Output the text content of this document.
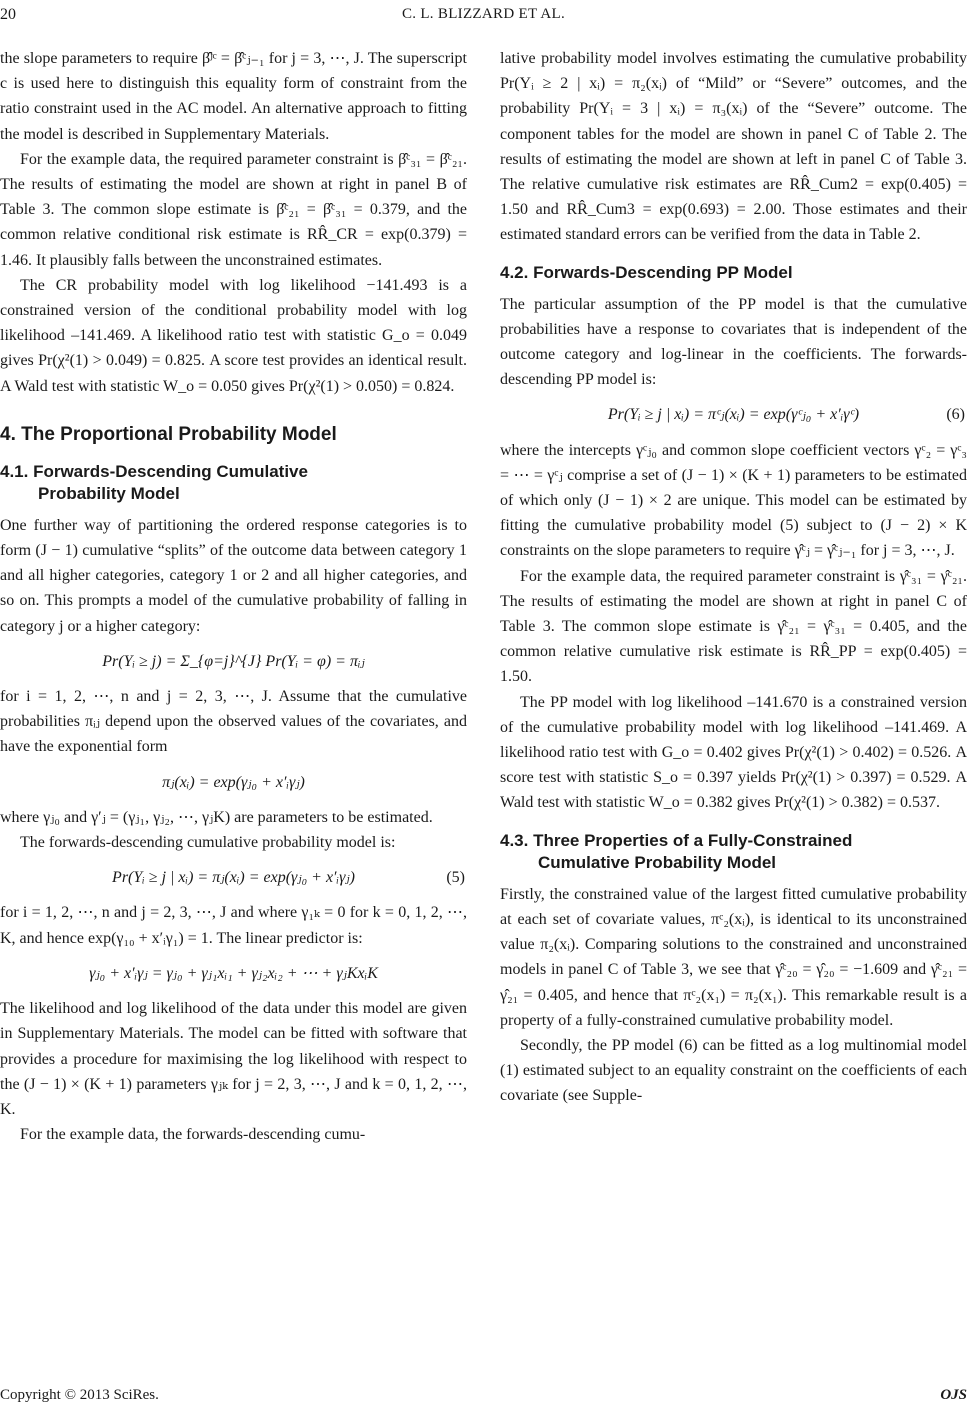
20	C. L. BLIZZARD ET AL.

the slope parameters to require β̂ʲᶜ = β̂ᶜⱼ₋₁ for j = 3, ⋯, J. The superscript c is used here to distinguish this equality form of constraint from the ratio constraint used in the AC model. An alternative approach to fitting the model is described in Supplementary Materials.

For the example data, the required parameter constraint is β̂ᶜ₃₁ = β̂ᶜ₂₁. The results of estimating the model are shown at right in panel B of Table 3. The common slope estimate is β̂ᶜ₂₁ = β̂ᶜ₃₁ = 0.379, and the common relative conditional risk estimate is RR̂_CR = exp(0.379) = 1.46. It plausibly falls between the unconstrained estimates.

The CR probability model with log likelihood −141.493 is a constrained version of the conditional probability model with log likelihood –141.469. A likelihood ratio test with statistic G_o = 0.049 gives Pr(χ²(1) > 0.049) = 0.825. A score test provides an identical result. A Wald test with statistic W_o = 0.050 gives Pr(χ²(1) > 0.050) = 0.824.

4. The Proportional Probability Model
4.1. Forwards-Descending Cumulative
Probability Model

One further way of partitioning the ordered response categories is to form (J − 1) cumulative “splits” of the outcome data between category 1 and all higher categories, category 1 or 2 and all higher categories, and so on. This prompts a model of the cumulative probability of falling in category j or a higher category:

Pr(Yᵢ ≥ j) = Σ_{φ=j}^{J} Pr(Yᵢ = φ) = πᵢⱼ

for i = 1, 2, ⋯, n and j = 2, 3, ⋯, J. Assume that the cumulative probabilities πᵢⱼ depend upon the observed values of the covariates, and have the exponential form

πⱼ(xᵢ) = exp(γⱼ₀ + x′ᵢγⱼ)

where γⱼ₀ and γ′ⱼ = (γⱼ₁, γⱼ₂, ⋯, γⱼK) are parameters to be estimated.

The forwards-descending cumulative probability model is:

Pr(Yᵢ ≥ j | xᵢ) = πⱼ(xᵢ) = exp(γⱼ₀ + x′ᵢγⱼ)	(5)

for i = 1, 2, ⋯, n and j = 2, 3, ⋯, J and where γ₁ₖ = 0 for k = 0, 1, 2, ⋯, K, and hence exp(γ₁₀ + x′ᵢγ₁) = 1. The linear predictor is:

γⱼ₀ + x′ᵢγⱼ = γⱼ₀ + γⱼ₁xᵢ₁ + γⱼ₂xᵢ₂ + ⋯ + γⱼKxᵢK

The likelihood and log likelihood of the data under this model are given in Supplementary Materials. The model can be fitted with software that provides a procedure for maximising the log likelihood with respect to the (J − 1) × (K + 1) parameters γⱼₖ for j = 2, 3, ⋯, J and k = 0, 1, 2, ⋯, K.

For the example data, the forwards-descending cumu-

lative probability model involves estimating the cumulative probability Pr(Yᵢ ≥ 2 | xᵢ) = π₂(xᵢ) of “Mild” or “Severe” outcomes, and the probability Pr(Yᵢ = 3 | xᵢ) = π₃(xᵢ) of the “Severe” outcome. The component tables for the model are shown in panel C of Table 2. The results of estimating the model are shown at left in panel C of Table 3. The relative cumulative risk estimates are RR̂_Cum2 = exp(0.405) = 1.50 and RR̂_Cum3 = exp(0.693) = 2.00. Those estimates and their estimated standard errors can be verified from the data in Table 2.

4.2. Forwards-Descending PP Model

The particular assumption of the PP model is that the cumulative probabilities have a response to covariates that is independent of the outcome category and log-linear in the coefficients. The forwards-descending PP model is:

Pr(Yᵢ ≥ j | xᵢ) = πᶜⱼ(xᵢ) = exp(γᶜⱼ₀ + x′ᵢγᶜ)	(6)

where the intercepts γᶜⱼ₀ and common slope coefficient vectors γᶜ₂ = γᶜ₃ = ⋯ = γᶜⱼ comprise a set of (J − 1) × (K + 1) parameters to be estimated of which only (J − 1) × 2 are unique. This model can be estimated by fitting the cumulative probability model (5) subject to (J − 2) × K constraints on the slope parameters to require γ̂ᶜⱼ = γ̂ᶜⱼ₋₁ for j = 3, ⋯, J.

For the example data, the required parameter constraint is γ̂ᶜ₃₁ = γ̂ᶜ₂₁. The results of estimating the model are shown at right in panel C of Table 3. The common slope estimate is γ̂ᶜ₂₁ = γ̂ᶜ₃₁ = 0.405, and the common relative cumulative risk estimate is RR̂_PP = exp(0.405) = 1.50.

The PP model with log likelihood –141.670 is a constrained version of the cumulative probability model with log likelihood –141.469. A likelihood ratio test with G_o = 0.402 gives Pr(χ²(1) > 0.402) = 0.526. A score test with statistic S_o = 0.397 yields Pr(χ²(1) > 0.397) = 0.529. A Wald test with statistic W_o = 0.382 gives Pr(χ²(1) > 0.382) = 0.537.

4.3. Three Properties of a Fully-Constrained
Cumulative Probability Model

Firstly, the constrained value of the largest fitted cumulative probability at each set of covariate values, πᶜ₂(xᵢ), is identical to its unconstrained value π₂(xᵢ). Comparing solutions to the constrained and unconstrained models in panel C of Table 3, we see that γ̂ᶜ₂₀ = γ̂₂₀ = −1.609 and γ̂ᶜ₂₁ = γ̂₂₁ = 0.405, and hence that πᶜ₂(x₁) = π₂(x₁). This remarkable result is a property of a fully-constrained cumulative probability model.

Secondly, the PP model (6) can be fitted as a log multinomial model (1) estimated subject to an equality constraint on the coefficients of each covariate (see Supple-

Copyright © 2013 SciRes.	OJS
